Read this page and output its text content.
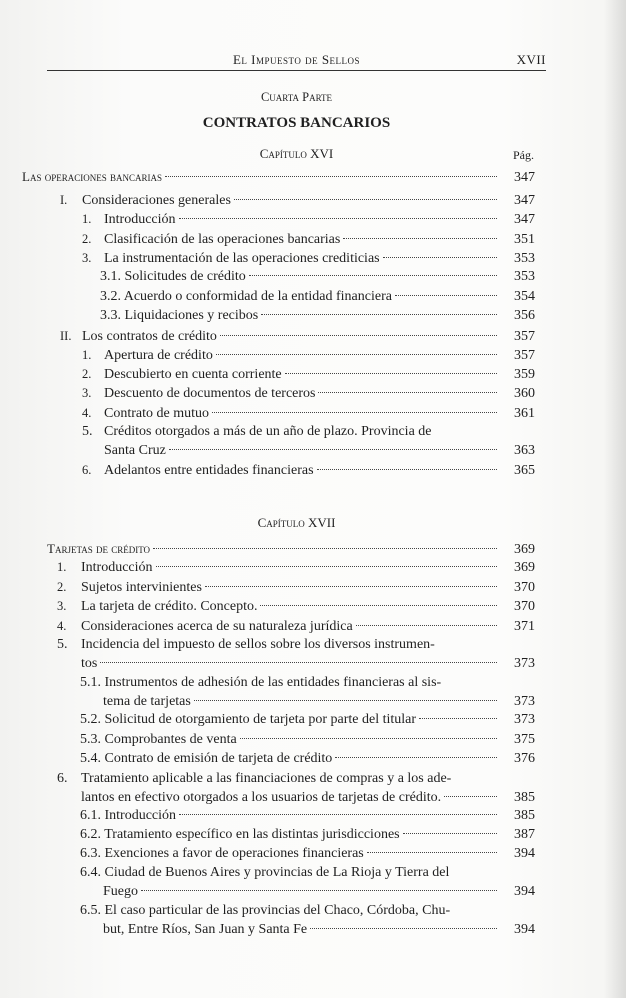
El Impuesto de Sellos	XVII
Cuarta Parte
CONTRATOS BANCARIOS
Capítulo XVI	Pág.
Capítulo XVII
Las operaciones bancarias	347
I.	Consideraciones generales	347
1. Introducción	347
2. Clasificación de las operaciones bancarias	351
3. La instrumentación de las operaciones crediticias	353
3.1. Solicitudes de crédito	353
3.2. Acuerdo o conformidad de la entidad financiera	354
3.3. Liquidaciones y recibos	356
II. Los contratos de crédito	357
1. Apertura de crédito	357
2. Descubierto en cuenta corriente	359
3. Descuento de documentos de terceros	360
4. Contrato de mutuo	361
5. Créditos otorgados a más de un año de plazo. Provincia de
Santa Cruz	363
6. Adelantos entre entidades financieras	365
Tarjetas de crédito	369
1.	Introducción	369
2.	Sujetos intervinientes	370
3.	La tarjeta de crédito. Concepto.	370
4.	Consideraciones acerca de su naturaleza jurídica	371
5. Incidencia del impuesto de sellos sobre los diversos instrumen-
tos	373
5.1. Instrumentos de adhesión de las entidades financieras al sis-
tema de tarjetas	373
5.2. Solicitud de otorgamiento de tarjeta por parte del titular	373
5.3. Comprobantes de venta	375
5.4. Contrato de emisión de tarjeta de crédito	376
6. Tratamiento aplicable a las financiaciones de compras y a los ade-
lantos en efectivo otorgados a los usuarios de tarjetas de crédito.	385
6.1. Introducción	385
6.2. Tratamiento específico en las distintas jurisdicciones	387
6.3. Exenciones a favor de operaciones financieras	394
6.4. Ciudad de Buenos Aires y provincias de La Rioja y Tierra del
Fuego	394
6.5. El caso particular de las provincias del Chaco, Córdoba, Chu-
but, Entre Ríos, San Juan y Santa Fe	394
